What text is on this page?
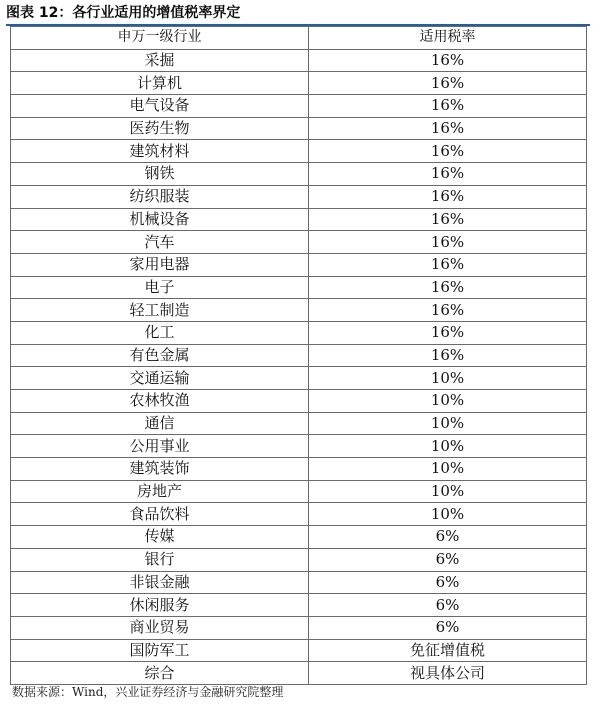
图表 12：各行业适用的增值税率界定
申万一级行业	适用税率
采掘	16%
计算机	16%
电气设备	16%
医药生物	16%
建筑材料	16%
钢铁	16%
纺织服装	16%
机械设备	16%
汽车	16%
家用电器	16%
电子	16%
轻工制造	16%
化工	16%
有色金属	16%
交通运输	10%
农林牧渔	10%
通信	10%
公用事业	10%
建筑装饰	10%
房地产	10%
食品饮料	10%
传媒	6%
银行	6%
非银金融	6%
休闲服务	6%
商业贸易	6%
国防军工	免征增值税
综合	视具体公司
数据来源：Wind，兴业证券经济与金融研究院整理
